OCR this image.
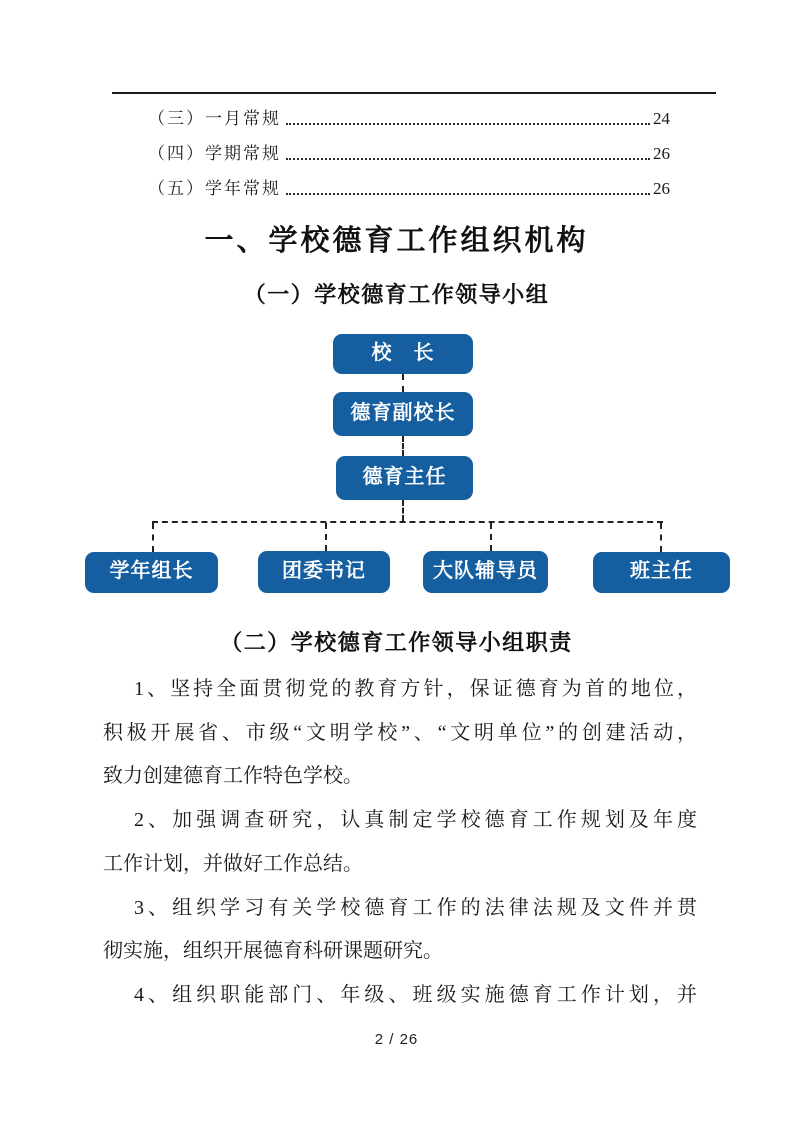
（三）一月常规	24
（四）学期常规	26
（五）学年常规	26
一、学校德育工作组织机构
（一）学校德育工作领导小组
校　长
德育副校长
德育主任
学年组长	团委书记	大队辅导员	班主任
（二）学校德育工作领导小组职责
1、坚持全面贯彻党的教育方针，保证德育为首的地位，
积极开展省、市级“文明学校”、“文明单位”的创建活动，
致力创建德育工作特色学校。
2、加强调查研究，认真制定学校德育工作规划及年度
工作计划，并做好工作总结。
3、组织学习有关学校德育工作的法律法规及文件并贯
彻实施，组织开展德育科研课题研究。
4、组织职能部门、年级、班级实施德育工作计划，并
2 / 26
